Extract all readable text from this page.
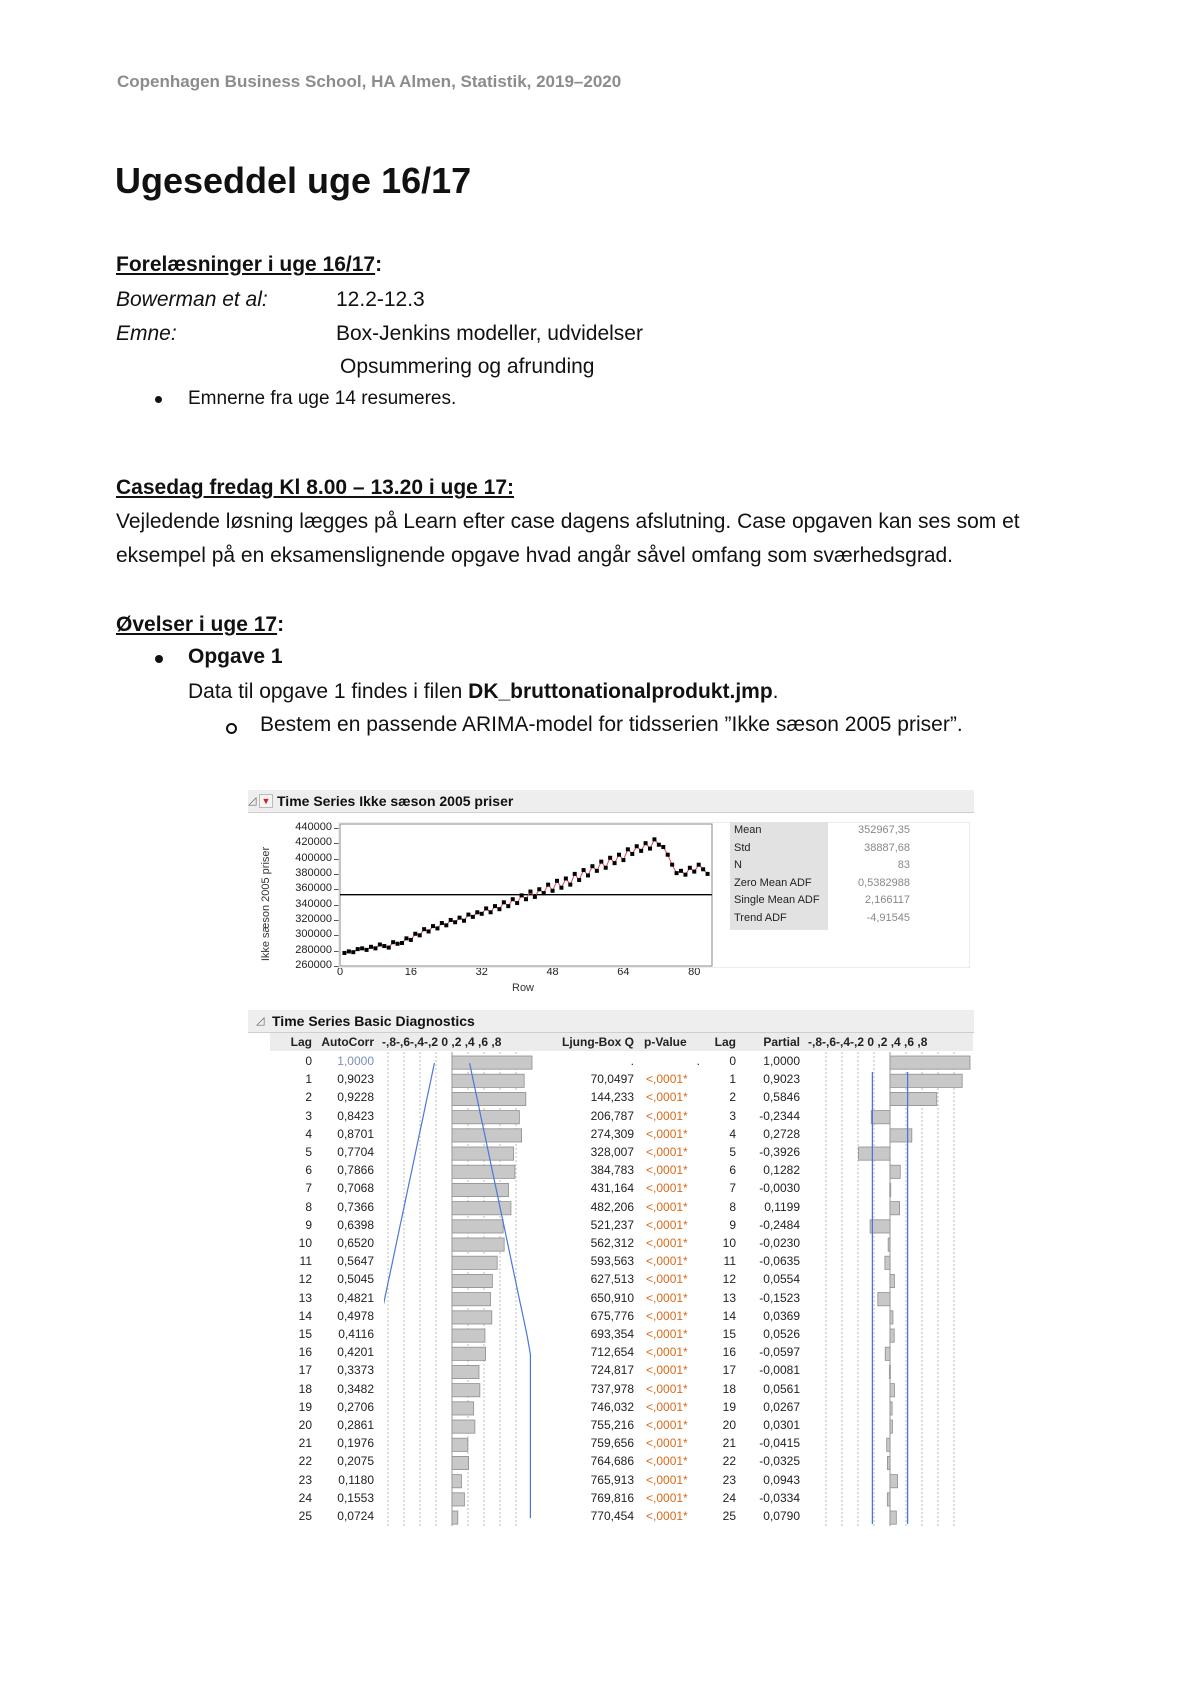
Copenhagen Business School, HA Almen, Statistik, 2019–2020
Ugeseddel uge 16/17
Forelæsninger i uge 16/17:
Bowerman et al:	12.2-12.3
Emne:	Box-Jenkins modeller, udvidelser
Opsummering og afrunding
Emnerne fra uge 14 resumeres.
Casedag fredag Kl 8.00 – 13.20 i uge 17:
Vejledende løsning lægges på Learn efter case dagens afslutning. Case opgaven kan ses som et
eksempel på en eksamenslignende opgave hvad angår såvel omfang som sværhedsgrad.
Øvelser i uge 17:
Opgave 1
Data til opgave 1 findes i filen DK_bruttonationalprodukt.jmp.
Bestem en passende ARIMA-model for tidsserien ”Ikke sæson 2005 priser”.
◿ ▼ Time Series Ikke sæson 2005 priser
Ikke sæson 2005 priser
260000
280000
300000
320000
340000
360000
380000
400000
420000
440000
0	16	32	48	64	80
Row
Mean	352967,35
Std	38887,68
N	83
Zero Mean ADF	0,5382988
Single Mean ADF	2,166117
Trend ADF	-4,91545
◿ Time Series Basic Diagnostics
Lag AutoCorr -,8-,6-,4-,2 0 ,2 ,4 ,6 ,8	Ljung-Box Q p-Value	Lag	Partial -,8-,6-,4-,2 0 ,2 ,4 ,6 ,8
0	1,0000	.	.	0	1,0000
1	0,9023	70,0497 <,0001*	1	0,9023
2	0,9228	144,233 <,0001*	2	0,5846
3	0,8423	206,787 <,0001*	3	-0,2344
4	0,8701	274,309 <,0001*	4	0,2728
5	0,7704	328,007 <,0001*	5	-0,3926
6	0,7866	384,783 <,0001*	6	0,1282
7	0,7068	431,164 <,0001*	7	-0,0030
8	0,7366	482,206 <,0001*	8	0,1199
9	0,6398	521,237 <,0001*	9	-0,2484
10	0,6520	562,312 <,0001*	10	-0,0230
11	0,5647	593,563 <,0001*	11	-0,0635
12	0,5045	627,513 <,0001*	12	0,0554
13	0,4821	650,910 <,0001*	13	-0,1523
14	0,4978	675,776 <,0001*	14	0,0369
15	0,4116	693,354 <,0001*	15	0,0526
16	0,4201	712,654 <,0001*	16	-0,0597
17	0,3373	724,817 <,0001*	17	-0,0081
18	0,3482	737,978 <,0001*	18	0,0561
19	0,2706	746,032 <,0001*	19	0,0267
20	0,2861	755,216 <,0001*	20	0,0301
21	0,1976	759,656 <,0001*	21	-0,0415
22	0,2075	764,686 <,0001*	22	-0,0325
23	0,1180	765,913 <,0001*	23	0,0943
24	0,1553	769,816 <,0001*	24	-0,0334
25	0,0724	770,454 <,0001*	25	0,0790
